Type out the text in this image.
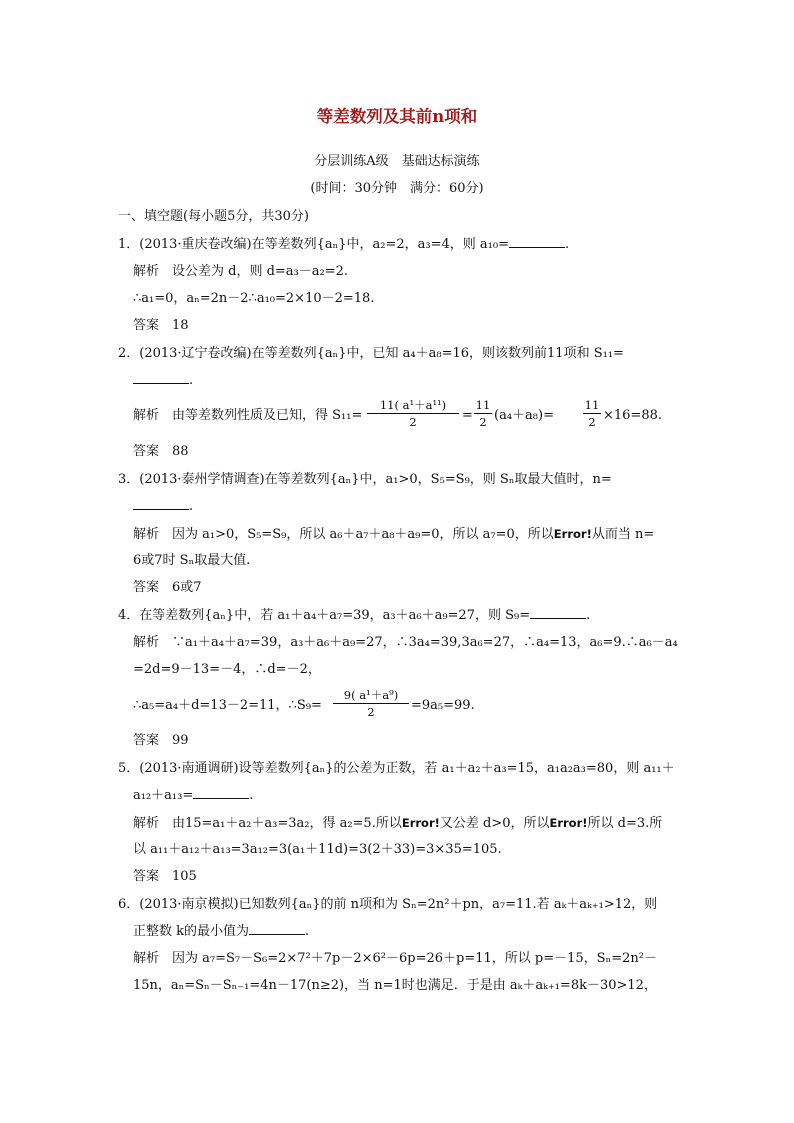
等差数列及其前n项和
分层训练A级　基础达标演练
(时间：30分钟　满分：60分)
一、填空题(每小题5分，共30分)
1．(2013·重庆卷改编)在等差数列{aₙ}中，a₂=2，a₃=4，则 a₁₀=	.
解析　设公差为 d，则 d=a₃－a₂=2.
∴a₁=0，aₙ=2n－2∴a₁₀=2×10－2=18.
答案　18
2．(2013·辽宁卷改编)在等差数列{aₙ}中，已知 a₄＋a₈=16，则该数列前11项和 S₁₁=
.
解析　由等差数列性质及已知，得 S₁₁=
11( a¹＋a¹¹)
2	=
11
2 (a₄＋a₈)=
11
2 ×16=88.
答案　88
3．(2013·泰州学情调查)在等差数列{aₙ}中，a₁>0，S₅=S₉，则 Sₙ取最大值时，n=
.
解析　因为 a₁>0，S₅=S₉，所以 a₆＋a₇＋a₈＋a₉=0，所以 a₇=0，所以Error!从而当 n=
6或7时 Sₙ取最大值.
答案　6或7
4．在等差数列{aₙ}中，若 a₁＋a₄＋a₇=39，a₃＋a₆＋a₉=27，则 S₉=	.
解析　∵a₁＋a₄＋a₇=39，a₃＋a₆＋a₉=27，∴3a₄=39,3a₆=27，∴a₄=13，a₆=9.∴a₆－a₄
=2d=9－13=－4，∴d=－2，
∴a₅=a₄＋d=13－2=11，∴S₉=
9( a¹＋a⁹)
2	=9a₅=99.
答案　99
5．(2013·南通调研)设等差数列{aₙ}的公差为正数，若 a₁＋a₂＋a₃=15，a₁a₂a₃=80，则 a₁₁＋
a₁₂＋a₁₃=	.
解析　由15=a₁＋a₂＋a₃=3a₂，得 a₂=5.所以Error!又公差 d>0，所以Error!所以 d=3.所
以 a₁₁＋a₁₂＋a₁₃=3a₁₂=3(a₁＋11d)=3(2＋33)=3×35=105.
答案　105
6．(2013·南京模拟)已知数列{aₙ}的前 n项和为 Sₙ=2n²＋pn，a₇=11.若 aₖ＋aₖ₊₁>12，则
正整数 k的最小值为	.
解析　因为 a₇=S₇－S₆=2×7²＋7p－2×6²－6p=26＋p=11，所以 p=－15，Sₙ=2n²－
15n，aₙ=Sₙ－Sₙ₋₁=4n－17(n≥2)，当 n=1时也满足．于是由 aₖ＋aₖ₊₁=8k－30>12，
